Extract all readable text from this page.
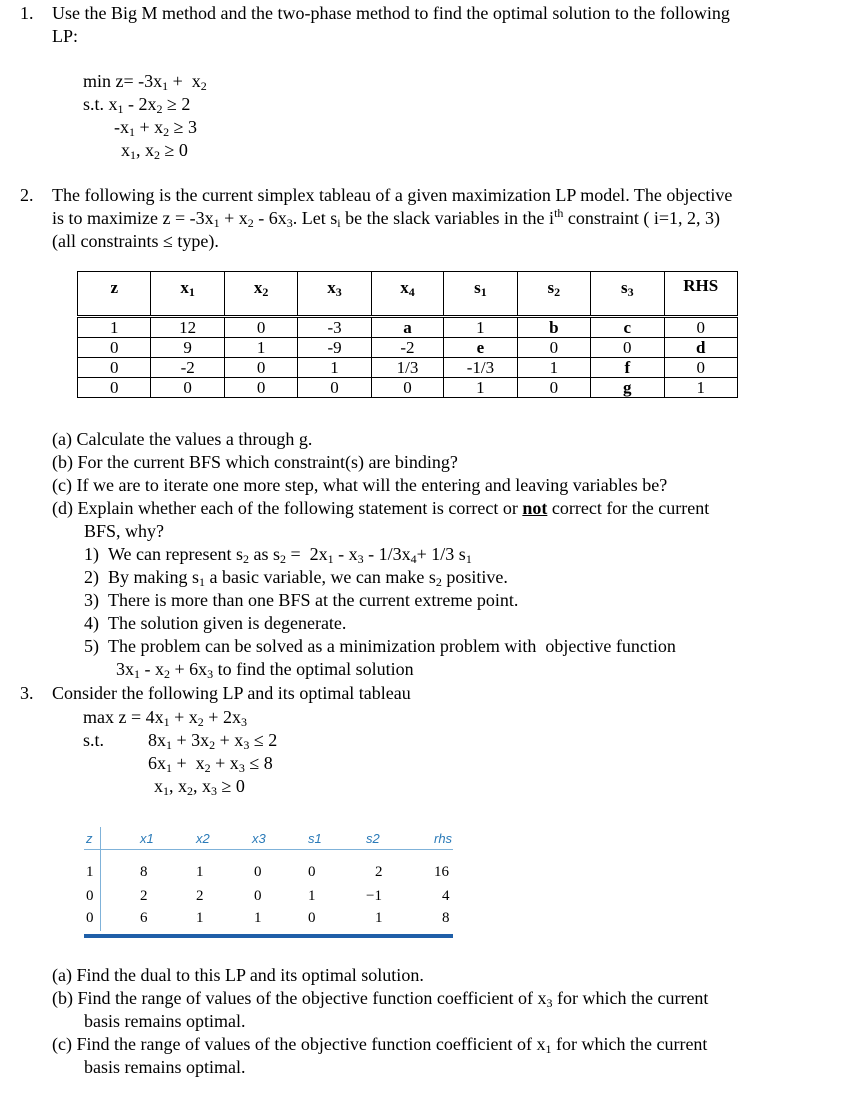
1. Use the Big M method and the two-phase method to find the optimal solution to the following
LP:
$\min z= -3x_1 + x_2$
s.t. $x_1 - 2x_2 \ge 2$
$-x_1 + x_2 \ge 3$
$x_1$, $x_2 \ge 0$
2. The following is the current simplex tableau of a given maximization LP model. The objective
is to maximize $z = -3x_1 + x_2 - 6x_3$. Let $s_i$ be the slack variables in the $i^{th}$ constraint ( i=1, 2, 3)
(all constraints ≤ type).
z	$x_1$	$x_2$	$x_3$	$x_4$	$s_1$	$s_2$	$s_3$	RHS
1	12	0	-3	a	1	b	c	0
0	9	1	-9	-2	e	0	0	d
0	-2	0	1	1/3	-1/3	1	f	0
0	0	0	0	0	1	0	g	1
(a) Calculate the values a through g.
(b) For the current BFS which constraint(s) are binding?
(c) If we are to iterate one more step, what will the entering and leaving variables be?
(d) Explain whether each of the following statement is correct or not correct for the current
BFS, why?
1)  We can represent $s_2$ as $s_2 = 2x_1 - x_3 - 1/3x_4+ 1/3$ $s_1$
2)  By making $s_1$ a basic variable, we can make $s_2$ positive.
3)  There is more than one BFS at the current extreme point.
4)  The solution given is degenerate.
5)  The problem can be solved as a minimization problem with  objective function
$3x_1 - x_2 + 6x_3$ to find the optimal solution
3. Consider the following LP and its optimal tableau
$\max z = 4x_1 + x_2 + 2x_3$
s.t. $8x_1 + 3x_2 + x_3 \le 2$
$6x_1 + x_2 + x_3 \le 8$
$x_1$, $x_2$, $x_3 \ge 0$
z	x1	x2	x3	s1	s2	rhs
1	8	1	0	0	2	16
0	2	2	0	1	−1	4
0	6	1	1	0	1	8
(a) Find the dual to this LP and its optimal solution.
(b) Find the range of values of the objective function coefficient of $x_3$ for which the current
basis remains optimal.
(c) Find the range of values of the objective function coefficient of $x_1$ for which the current
basis remains optimal.
